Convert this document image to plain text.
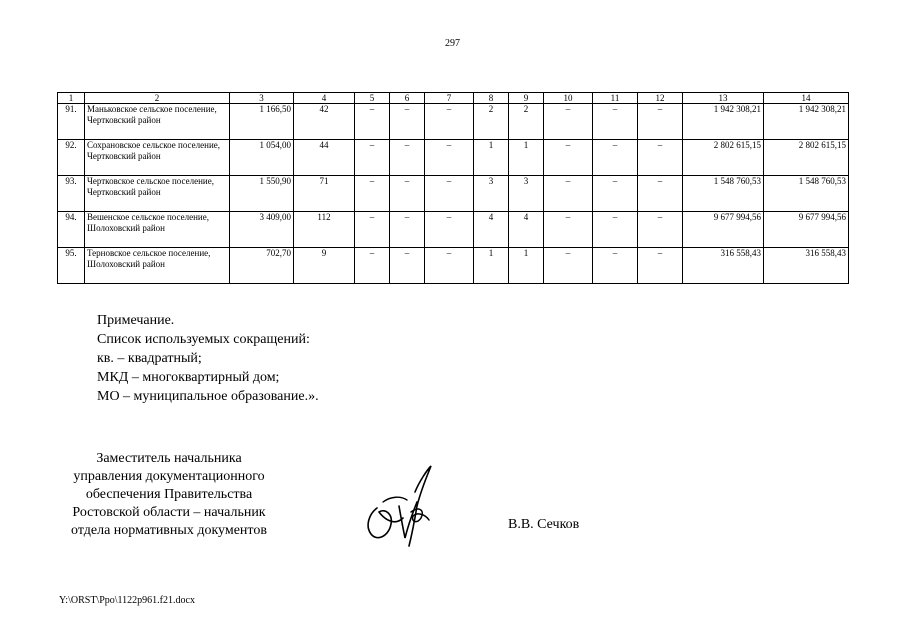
297
1	2	3	4	5	6	7	8	9	10	11	12	13	14
91.	Маньковское сельское поселение, Чертковский район	1 166,50	42	–	–	–	2	2	–	–	–	1 942 308,21	1 942 308,21
92.	Сохрановское сельское поселение, Чертковский район	1 054,00	44	–	–	–	1	1	–	–	–	2 802 615,15	2 802 615,15
93.	Чертковское сельское поселение, Чертковский район	1 550,90	71	–	–	–	3	3	–	–	–	1 548 760,53	1 548 760,53
94.	Вешенское сельское поселение, Шолоховский район	3 409,00	112	–	–	–	4	4	–	–	–	9 677 994,56	9 677 994,56
95.	Терновское сельское поселение, Шолоховский район	702,70	9	–	–	–	1	1	–	–	–	316 558,43	316 558,43
Примечание.
Список используемых сокращений:
кв. – квадратный;
МКД – многоквартирный дом;
МО – муниципальное образование.».
Заместитель начальника
управления документационного
обеспечения Правительства
Ростовской области – начальник
отдела нормативных документов	В.В. Сечков
Y:\ORST\Ppo\1122p961.f21.docx
